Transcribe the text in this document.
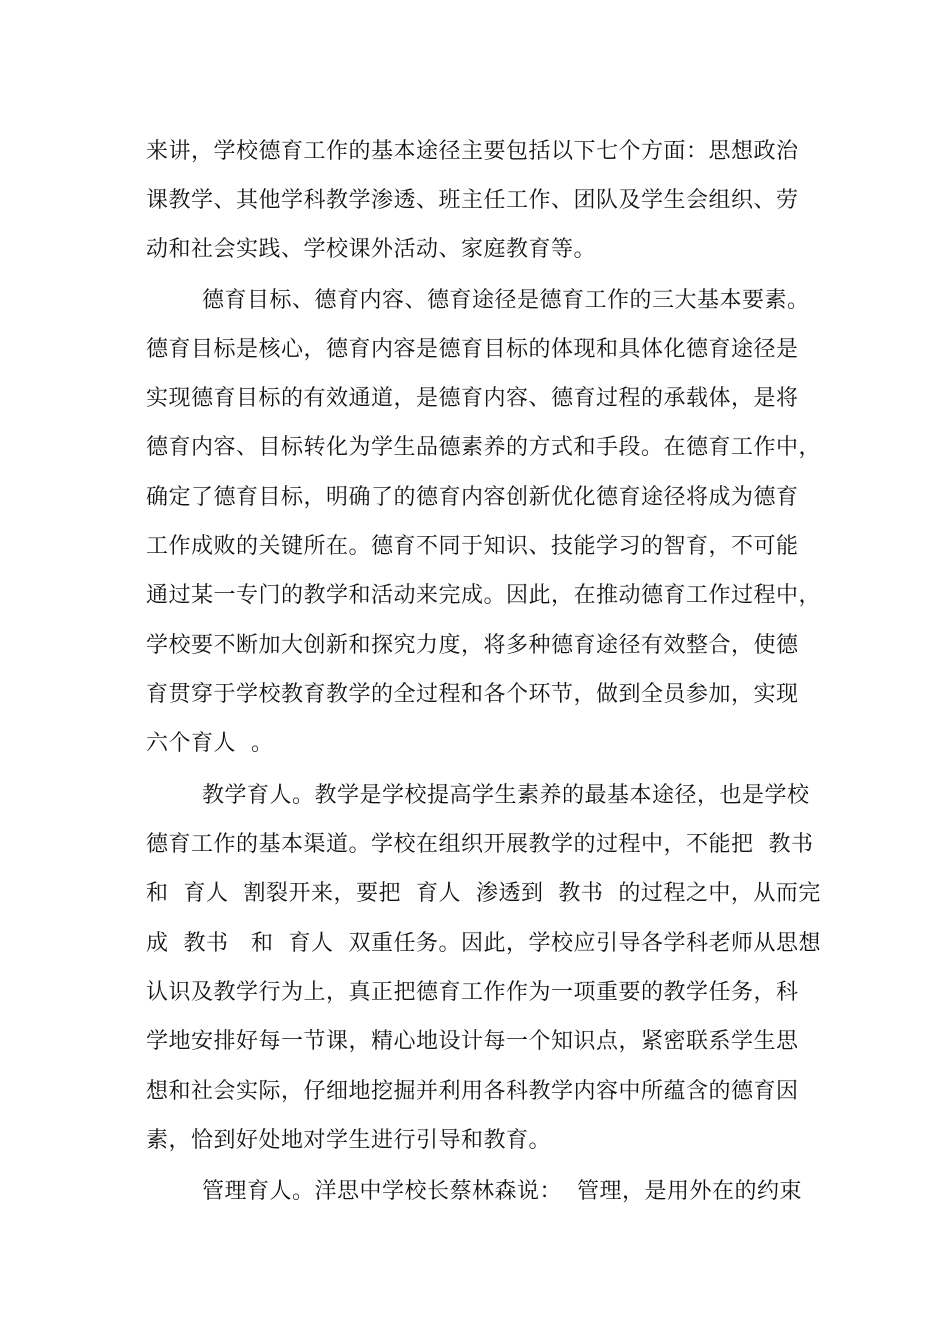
来讲，学校德育工作的基本途径主要包括以下七个方面：思想政治
课教学、其他学科教学渗透、班主任工作、团队及学生会组织、劳
动和社会实践、学校课外活动、家庭教育等。
德育目标、德育内容、德育途径是德育工作的三大基本要素。
德育目标是核心，德育内容是德育目标的体现和具体化德育途径是
实现德育目标的有效通道，是德育内容、德育过程的承载体，是将
德育内容、目标转化为学生品德素养的方式和手段。在德育工作中，
确定了德育目标，明确了的德育内容创新优化德育途径将成为德育
工作成败的关键所在。德育不同于知识、技能学习的智育，不可能
通过某一专门的教学和活动来完成。因此，在推动德育工作过程中，
学校要不断加大创新和探究力度，将多种德育途径有效整合，使德
育贯穿于学校教育教学的全过程和各个环节，做到全员参加，实现
六个育人  。
教学育人。教学是学校提高学生素养的最基本途径，也是学校
德育工作的基本渠道。学校在组织开展教学的过程中，不能把  教书
和  育人  割裂开来，要把  育人  渗透到  教书  的过程之中，从而完
成  教书   和  育人  双重任务。因此，学校应引导各学科老师从思想
认识及教学行为上，真正把德育工作作为一项重要的教学任务，科
学地安排好每一节课，精心地设计每一个知识点，紧密联系学生思
想和社会实际，仔细地挖掘并利用各科教学内容中所蕴含的德育因
素，恰到好处地对学生进行引导和教育。
管理育人。洋思中学校长蔡林森说：  管理，是用外在的约束
